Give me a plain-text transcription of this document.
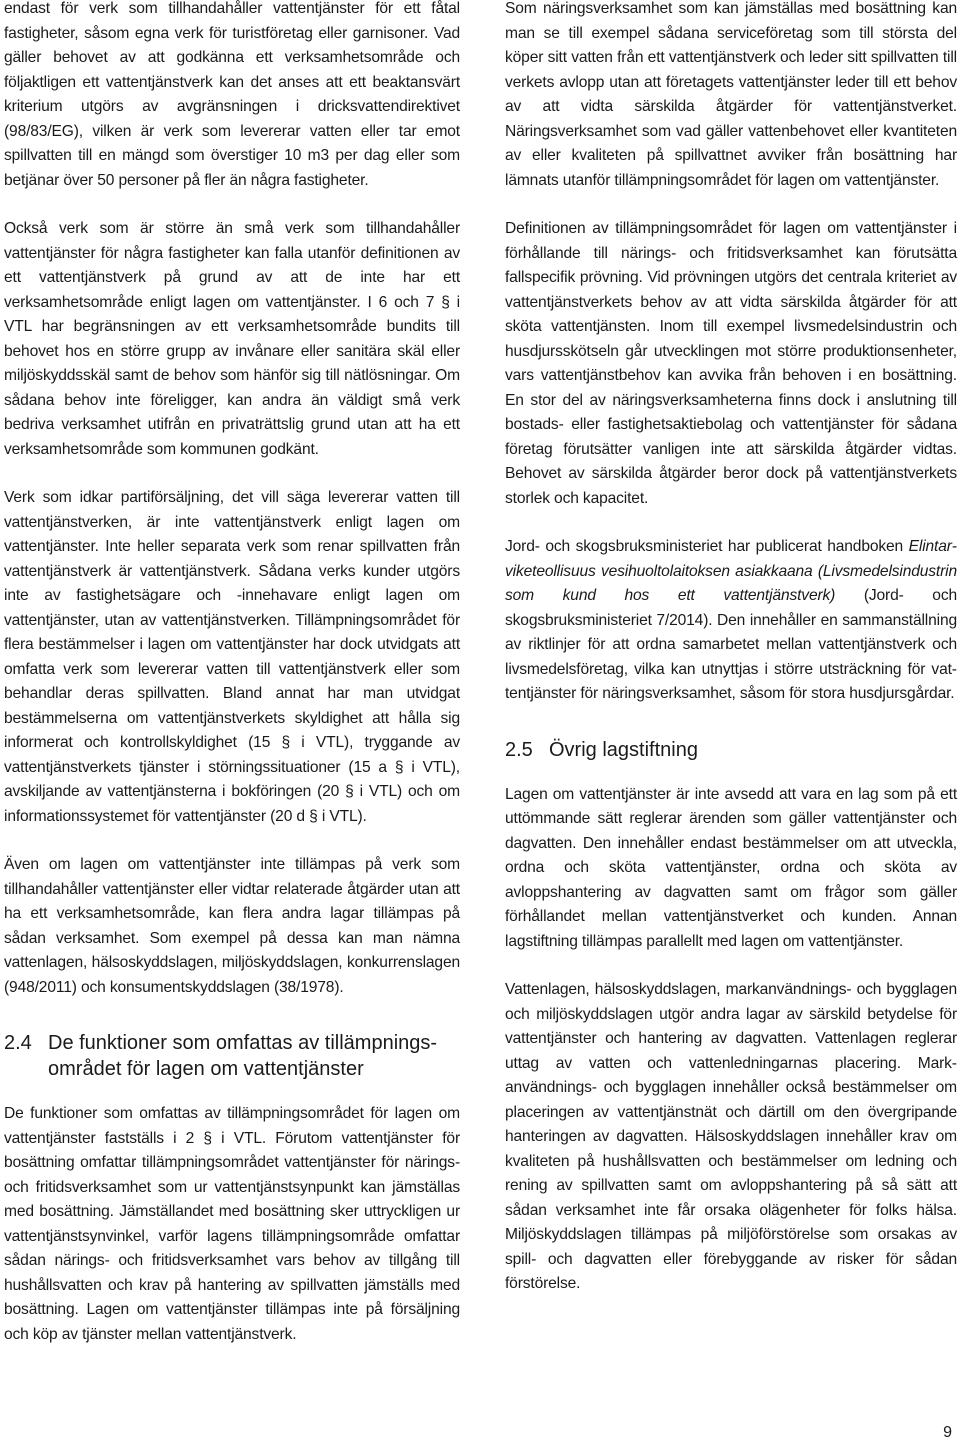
endast för verk som tillhandahåller vattentjänster för ett fåtal fastigheter, såsom egna verk för turistföretag eller garnisoner. Vad gäller behovet av att godkänna ett verksamhetsområde och följaktligen ett vattentjänstverk kan det anses att ett beaktansvärt kriterium utgörs av avgränsningen i dricksvattendirektivet (98/83/EG), vilken är verk som levererar vatten eller tar emot spillvatten till en mängd som överstiger 10 m3 per dag eller som betjänar över 50 personer på fler än några fastigheter.

Också verk som är större än små verk som tillhandahåller vattentjänster för några fastigheter kan falla utanför definitionen av ett vattentjänstverk på grund av att de inte har ett verksamhetsområde enligt lagen om vattentjänster. I 6 och 7 § i VTL har begränsningen av ett verksamhetsområde bundits till behovet hos en större grupp av invånare eller sanitära skäl eller miljöskyddsskäl samt de behov som hänför sig till nätlösningar. Om sådana behov inte föreligger, kan andra än väldigt små verk bedriva verksamhet utifrån en privaträttslig grund utan att ha ett verksamhetsområde som kommunen godkänt.

Verk som idkar partiförsäljning, det vill säga levererar vatten till vattentjänstverken, är inte vattentjänstverk enligt lagen om vattentjänster. Inte heller separata verk som renar spillvatten från vattentjänstverk är vattentjänstverk. Sådana verks kunder utgörs inte av fastighetsägare och -innehavare enligt lagen om vattentjänster, utan av vattentjänstverken. Tillämpningsområdet för flera bestämmelser i lagen om vattentjänster har dock utvidgats att omfatta verk som levererar vatten till vattentjänstverk eller som behandlar deras spillvatten. Bland annat har man utvidgat bestämmelserna om vattentjänstverkets skyldighet att hålla sig informerat och kontrollskyldighet (15 § i VTL), tryggande av vattentjänstverkets tjänster i störningssituationer (15 a § i VTL), avskiljande av vattentjänsterna i bokföringen (20 § i VTL) och om informationssystemet för vattentjänster (20 d § i VTL).

Även om lagen om vattentjänster inte tillämpas på verk som tillhandahåller vattentjänster eller vidtar relaterade åtgärder utan att ha ett verksamhetsområde, kan flera andra lagar tillämpas på sådan verksamhet. Som exempel på dessa kan man nämna vattenlagen, hälsoskyddslagen, miljöskyddslagen, konkurrenslagen (948/2011) och konsumentskyddslagen (38/1978).

2.4 De funktioner som omfattas av tillämpningsområdet för lagen om vattentjänster

De funktioner som omfattas av tillämpningsområdet för lagen om vattentjänster fastställs i 2 § i VTL. Förutom vattentjänster för bosättning omfattar tillämpningsområdet vattentjänster för närings- och fritidsverksamhet som ur vattentjänstsynpunkt kan jämställas med bosättning. Jämställandet med bosättning sker uttryckligen ur vattentjänstsynvinkel, varför lagens tillämpningsområde omfattar sådan närings- och fritidsverksamhet vars behov av tillgång till hushållsvatten och krav på hantering av spillvatten jämställs med bosättning. Lagen om vattentjänster tillämpas inte på försäljning och köp av tjänster mellan vattentjänstverk.

Som näringsverksamhet som kan jämställas med bosättning kan man se till exempel sådana serviceföretag som till största del köper sitt vatten från ett vattentjänstverk och leder sitt spillvatten till verkets avlopp utan att företagets vattentjänster leder till ett behov av att vidta särskilda åtgärder för vattentjänstverket. Näringsverksamhet som vad gäller vattenbehovet eller kvantiteten av eller kvaliteten på spillvattnet avviker från bosättning har lämnats utanför tillämpningsområdet för lagen om vattentjänster.

Definitionen av tillämpningsområdet för lagen om vattentjänster i förhållande till närings- och fritidsverksamhet kan förutsätta fallspecifik prövning. Vid prövningen utgörs det centrala kriteriet av vattentjänstverkets behov av att vidta särskilda åtgärder för att sköta vattentjänsten. Inom till exempel livsmedelsindustrin och husdjursskötseln går utvecklingen mot större produktionsenheter, vars vattentjänstbehov kan avvika från behoven i en bosättning. En stor del av näringsverksamheterna finns dock i anslutning till bostads- eller fastighetsaktiebolag och vattentjänster för sådana företag förutsätter vanligen inte att särskilda åtgärder vidtas. Behovet av särskilda åtgärder beror dock på vattentjänstverkets storlek och kapacitet.

Jord- och skogsbruksministeriet har publicerat handboken Elintarviketeollisuus vesihuoltolaitoksen asiakkaana (Livsmedelsindustrin som kund hos ett vattentjänstverk) (Jord- och skogsbruksministeriet 7/2014). Den innehåller en sammanställning av riktlinjer för att ordna samarbetet mellan vattentjänstverk och livsmedelsföretag, vilka kan utnyttjas i större utsträckning för vattentjänster för näringsverksamhet, såsom för stora husdjursgårdar.

2.5 Övrig lagstiftning

Lagen om vattentjänster är inte avsedd att vara en lag som på ett uttömmande sätt reglerar ärenden som gäller vattentjänster och dagvatten. Den innehåller endast bestämmelser om att utveckla, ordna och sköta vattentjänster, ordna och sköta av avloppshantering av dagvatten samt om frågor som gäller förhållandet mellan vattentjänstverket och kunden. Annan lagstiftning tillämpas parallellt med lagen om vattentjänster.

Vattenlagen, hälsoskyddslagen, markanvändnings- och bygglagen och miljöskyddslagen utgör andra lagar av särskild betydelse för vattentjänster och hantering av dagvatten. Vattenlagen reglerar uttag av vatten och vattenledningarnas placering. Markanvändnings- och bygglagen innehåller också bestämmelser om placeringen av vattentjänstnät och därtill om den övergripande hanteringen av dagvatten. Hälsoskyddslagen innehåller krav om kvaliteten på hushållsvatten och bestämmelser om ledning och rening av spillvatten samt om avloppshantering på så sätt att sådan verksamhet inte får orsaka olägenheter för folks hälsa. Miljöskyddslagen tillämpas på miljöförstörelse som orsakas av spill- och dagvatten eller förebyggande av risker för sådan förstörelse.

9
